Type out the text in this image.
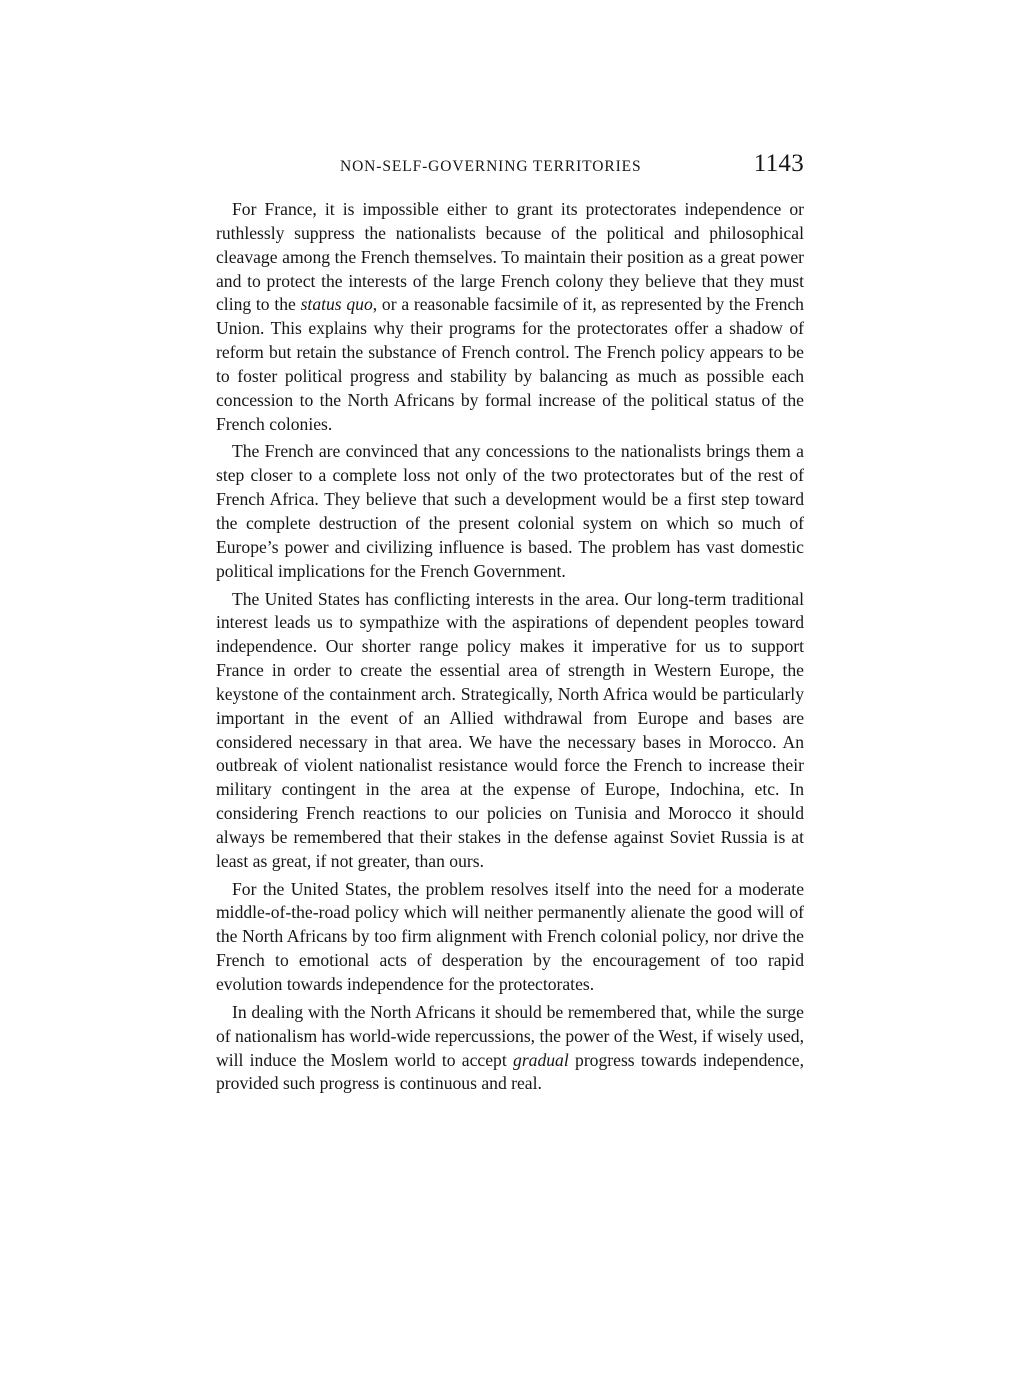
NON-SELF-GOVERNING TERRITORIES	1143

For France, it is impossible either to grant its protectorates independence or ruthlessly suppress the nationalists because of the political and philosophical cleavage among the French themselves. To maintain their position as a great power and to protect the interests of the large French colony they believe that they must cling to the status quo, or a reasonable facsimile of it, as represented by the French Union. This explains why their programs for the protectorates offer a shadow of reform but retain the substance of French control. The French policy appears to be to foster political progress and stability by balancing as much as possible each concession to the North Africans by formal increase of the political status of the French colonies.

The French are convinced that any concessions to the nationalists brings them a step closer to a complete loss not only of the two protectorates but of the rest of French Africa. They believe that such a development would be a first step toward the complete destruction of the present colonial system on which so much of Europe’s power and civilizing influence is based. The problem has vast domestic political implications for the French Government.

The United States has conflicting interests in the area. Our long-term traditional interest leads us to sympathize with the aspirations of dependent peoples toward independence. Our shorter range policy makes it imperative for us to support France in order to create the essential area of strength in Western Europe, the keystone of the containment arch. Strategically, North Africa would be particularly important in the event of an Allied withdrawal from Europe and bases are considered necessary in that area. We have the necessary bases in Morocco. An outbreak of violent nationalist resistance would force the French to increase their military contingent in the area at the expense of Europe, Indochina, etc. In considering French reactions to our policies on Tunisia and Morocco it should always be remembered that their stakes in the defense against Soviet Russia is at least as great, if not greater, than ours.

For the United States, the problem resolves itself into the need for a moderate middle-of-the-road policy which will neither permanently alienate the good will of the North Africans by too firm alignment with French colonial policy, nor drive the French to emotional acts of desperation by the encouragement of too rapid evolution towards independence for the protectorates.

In dealing with the North Africans it should be remembered that, while the surge of nationalism has world-wide repercussions, the power of the West, if wisely used, will induce the Moslem world to accept gradual progress towards independence, provided such progress is continuous and real.
